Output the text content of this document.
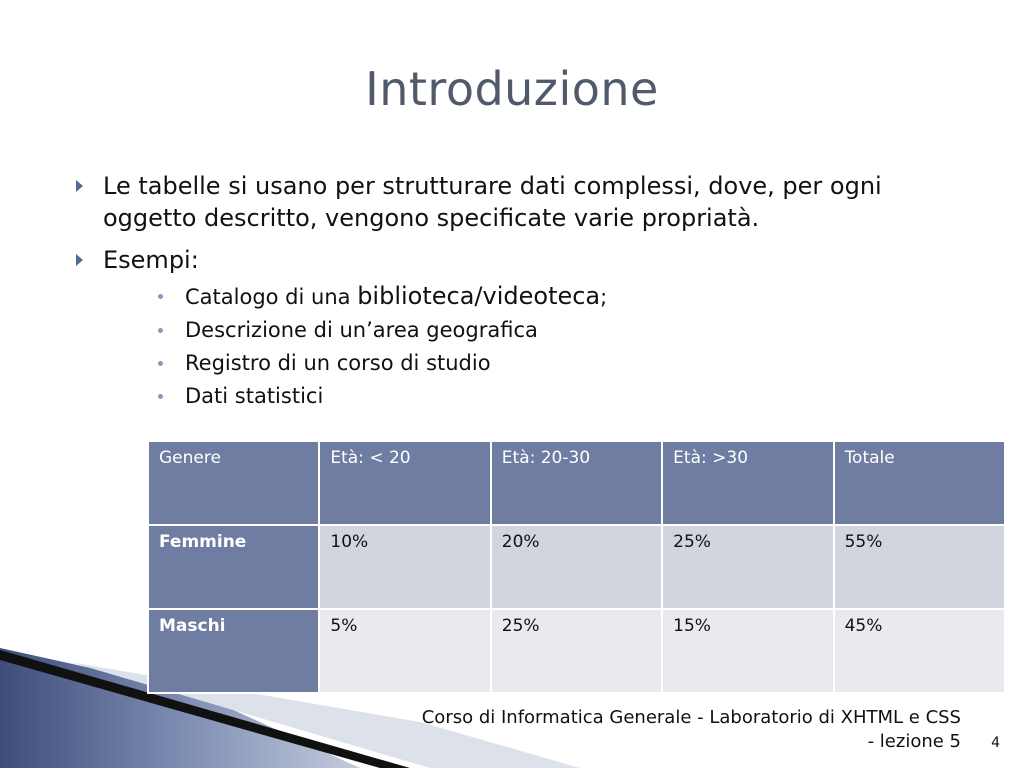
Introduzione
Le tabelle si usano per strutturare dati complessi, dove, per ogni oggetto descritto, vengono specificate varie propriatà.
Esempi:
Catalogo di una biblioteca/videoteca;
Descrizione di un’area geografica
Registro di un corso di studio
Dati statistici
Genere	Età: < 20	Età: 20-30	Età: >30	Totale
Femmine	10%	20%	25%	55%
Maschi	5%	25%	15%	45%
Corso di Informatica Generale - Laboratorio di XHTML e CSS
- lezione 5 4
